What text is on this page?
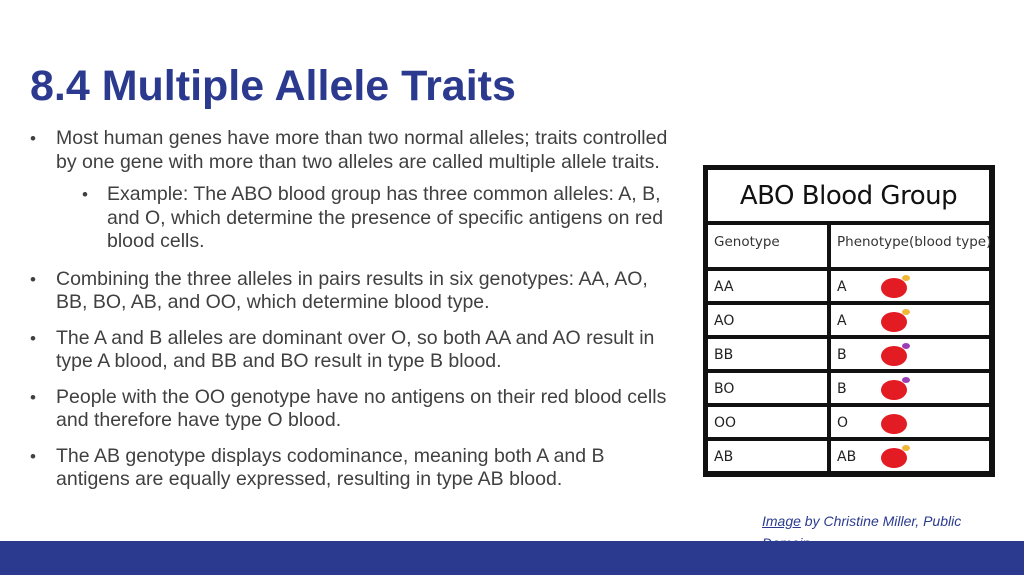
8.4 Multiple Allele Traits
• Most human genes have more than two normal alleles; traits controlled by one gene with more than two alleles are called multiple allele traits.
• Example: The ABO blood group has three common alleles: A, B, and O, which determine the presence of specific antigens on red blood cells.
• Combining the three alleles in pairs results in six genotypes: AA, AO, BB, BO, AB, and OO, which determine blood type.
• The A and B alleles are dominant over O, so both AA and AO result in type A blood, and BB and BO result in type B blood.
• People with the OO genotype have no antigens on their red blood cells and therefore have type O blood.
• The AB genotype displays codominance, meaning both A and B antigens are equally expressed, resulting in type AB blood.
ABO Blood Group
Genotype	Phenotype(blood type)
AA	A
AO	A
BB	B
BO	B
OO	O
AB	AB
Image by Christine Miller, Public
